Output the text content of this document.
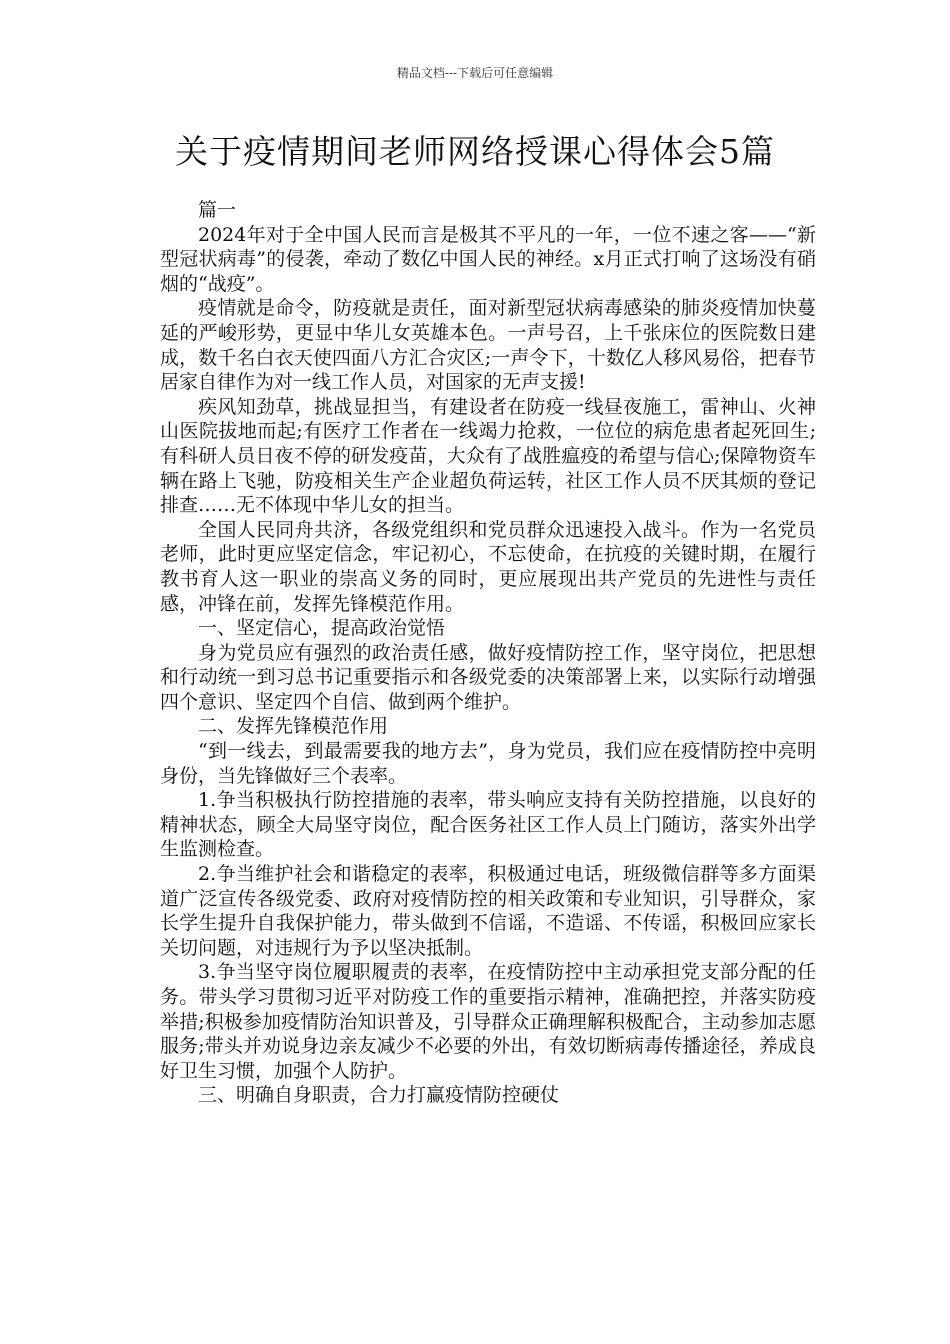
精品文档---下载后可任意编辑
关于疫情期间老师网络授课心得体会5篇

篇一

2024年对于全中国人民而言是极其不平凡的一年，一位不速之客——“新型冠状病毒”的侵袭，牵动了数亿中国人民的神经。x月正式打响了这场没有硝烟的“战疫”。

疫情就是命令，防疫就是责任，面对新型冠状病毒感染的肺炎疫情加快蔓延的严峻形势，更显中华儿女英雄本色。一声号召，上千张床位的医院数日建成，数千名白衣天使四面八方汇合灾区;一声令下，十数亿人移风易俗，把春节居家自律作为对一线工作人员，对国家的无声支援!

疾风知劲草，挑战显担当，有建设者在防疫一线昼夜施工，雷神山、火神山医院拔地而起;有医疗工作者在一线竭力抢救，一位位的病危患者起死回生;有科研人员日夜不停的研发疫苗，大众有了战胜瘟疫的希望与信心;保障物资车辆在路上飞驰，防疫相关生产企业超负荷运转，社区工作人员不厌其烦的登记排查……无不体现中华儿女的担当。

全国人民同舟共济，各级党组织和党员群众迅速投入战斗。作为一名党员老师，此时更应坚定信念，牢记初心，不忘使命，在抗疫的关键时期，在履行教书育人这一职业的崇高义务的同时，更应展现出共产党员的先进性与责任感，冲锋在前，发挥先锋模范作用。

一、坚定信心，提高政治觉悟

身为党员应有强烈的政治责任感，做好疫情防控工作，坚守岗位，把思想和行动统一到习总书记重要指示和各级党委的决策部署上来，以实际行动增强四个意识、坚定四个自信、做到两个维护。

二、发挥先锋模范作用

“到一线去，到最需要我的地方去”，身为党员，我们应在疫情防控中亮明身份，当先锋做好三个表率。

1.争当积极执行防控措施的表率，带头响应支持有关防控措施，以良好的精神状态，顾全大局坚守岗位，配合医务社区工作人员上门随访，落实外出学生监测检查。

2.争当维护社会和谐稳定的表率，积极通过电话，班级微信群等多方面渠道广泛宣传各级党委、政府对疫情防控的相关政策和专业知识，引导群众，家长学生提升自我保护能力，带头做到不信谣，不造谣、不传谣，积极回应家长关切问题，对违规行为予以坚决抵制。

3.争当坚守岗位履职履责的表率，在疫情防控中主动承担党支部分配的任务。带头学习贯彻习近平对防疫工作的重要指示精神，准确把控，并落实防疫举措;积极参加疫情防治知识普及，引导群众正确理解积极配合，主动参加志愿服务;带头并劝说身边亲友减少不必要的外出，有效切断病毒传播途径，养成良好卫生习惯，加强个人防护。

三、明确自身职责，合力打赢疫情防控硬仗
